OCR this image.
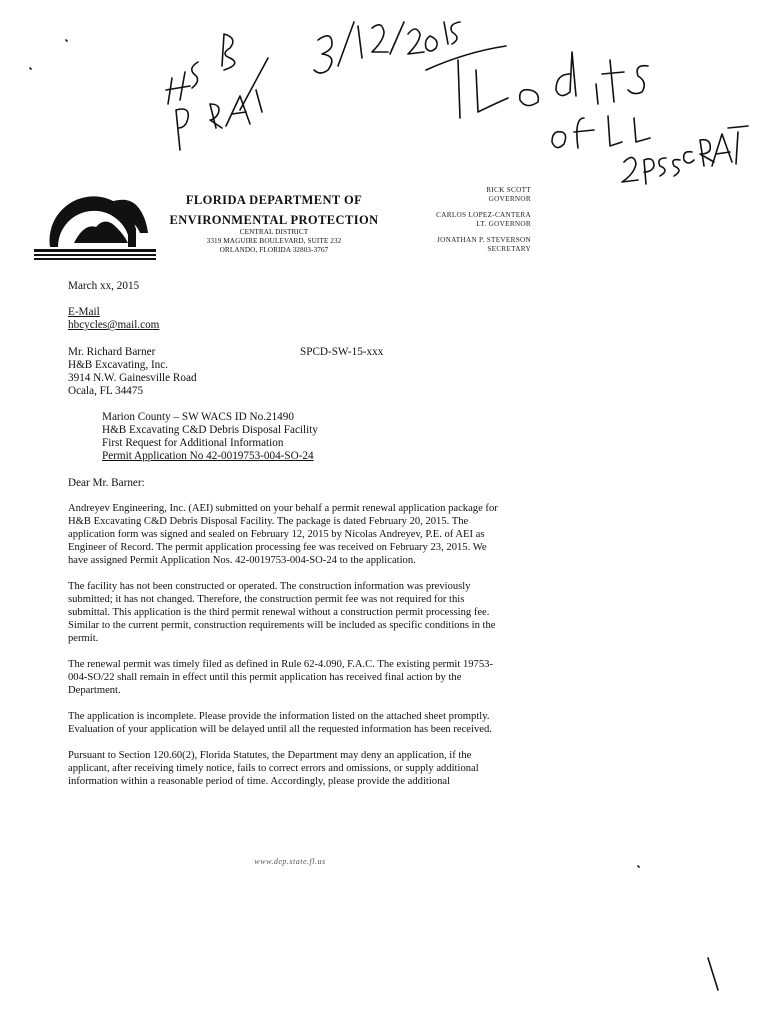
FLORIDA DEPARTMENT OF
ENVIRONMENTAL PROTECTION
CENTRAL DISTRICT
3319 MAGUIRE BOULEVARD, SUITE 232
ORLANDO, FLORIDA 32803-3767
RICK SCOTT
GOVERNOR
CARLOS LOPEZ-CANTERA
LT. GOVERNOR
JONATHAN P. STEVERSON
SECRETARY
March xx, 2015
E-Mail
hbcycles@mail.com
Mr. Richard Barner
H&B Excavating, Inc.
3914 N.W. Gainesville Road
Ocala, FL 34475
SPCD-SW-15-xxx
Marion County – SW WACS ID No.21490
H&B Excavating C&D Debris Disposal Facility
First Request for Additional Information
Permit Application No 42-0019753-004-SO-24
Dear Mr. Barner:

Andreyev Engineering, Inc. (AEI) submitted on your behalf a permit renewal application package for H&B Excavating C&D Debris Disposal Facility. The package is dated February 20, 2015. The application form was signed and sealed on February 12, 2015 by Nicolas Andreyev, P.E. of AEI as Engineer of Record. The permit application processing fee was received on February 23, 2015. We have assigned Permit Application Nos. 42-0019753-004-SO-24 to the application.

The facility has not been constructed or operated. The construction information was previously submitted; it has not changed. Therefore, the construction permit fee was not required for this submittal. This application is the third permit renewal without a construction permit processing fee. Similar to the current permit, construction requirements will be included as specific conditions in the permit.

The renewal permit was timely filed as defined in Rule 62-4.090, F.A.C. The existing permit 19753-004-SO/22 shall remain in effect until this permit application has received final action by the Department.

The application is incomplete. Please provide the information listed on the attached sheet promptly. Evaluation of your application will be delayed until all the requested information has been received.

Pursuant to Section 120.60(2), Florida Statutes, the Department may deny an application, if the applicant, after receiving timely notice, fails to correct errors and omissions, or supply additional information within a reasonable period of time. Accordingly, please provide the additional

www.dep.state.fl.us
